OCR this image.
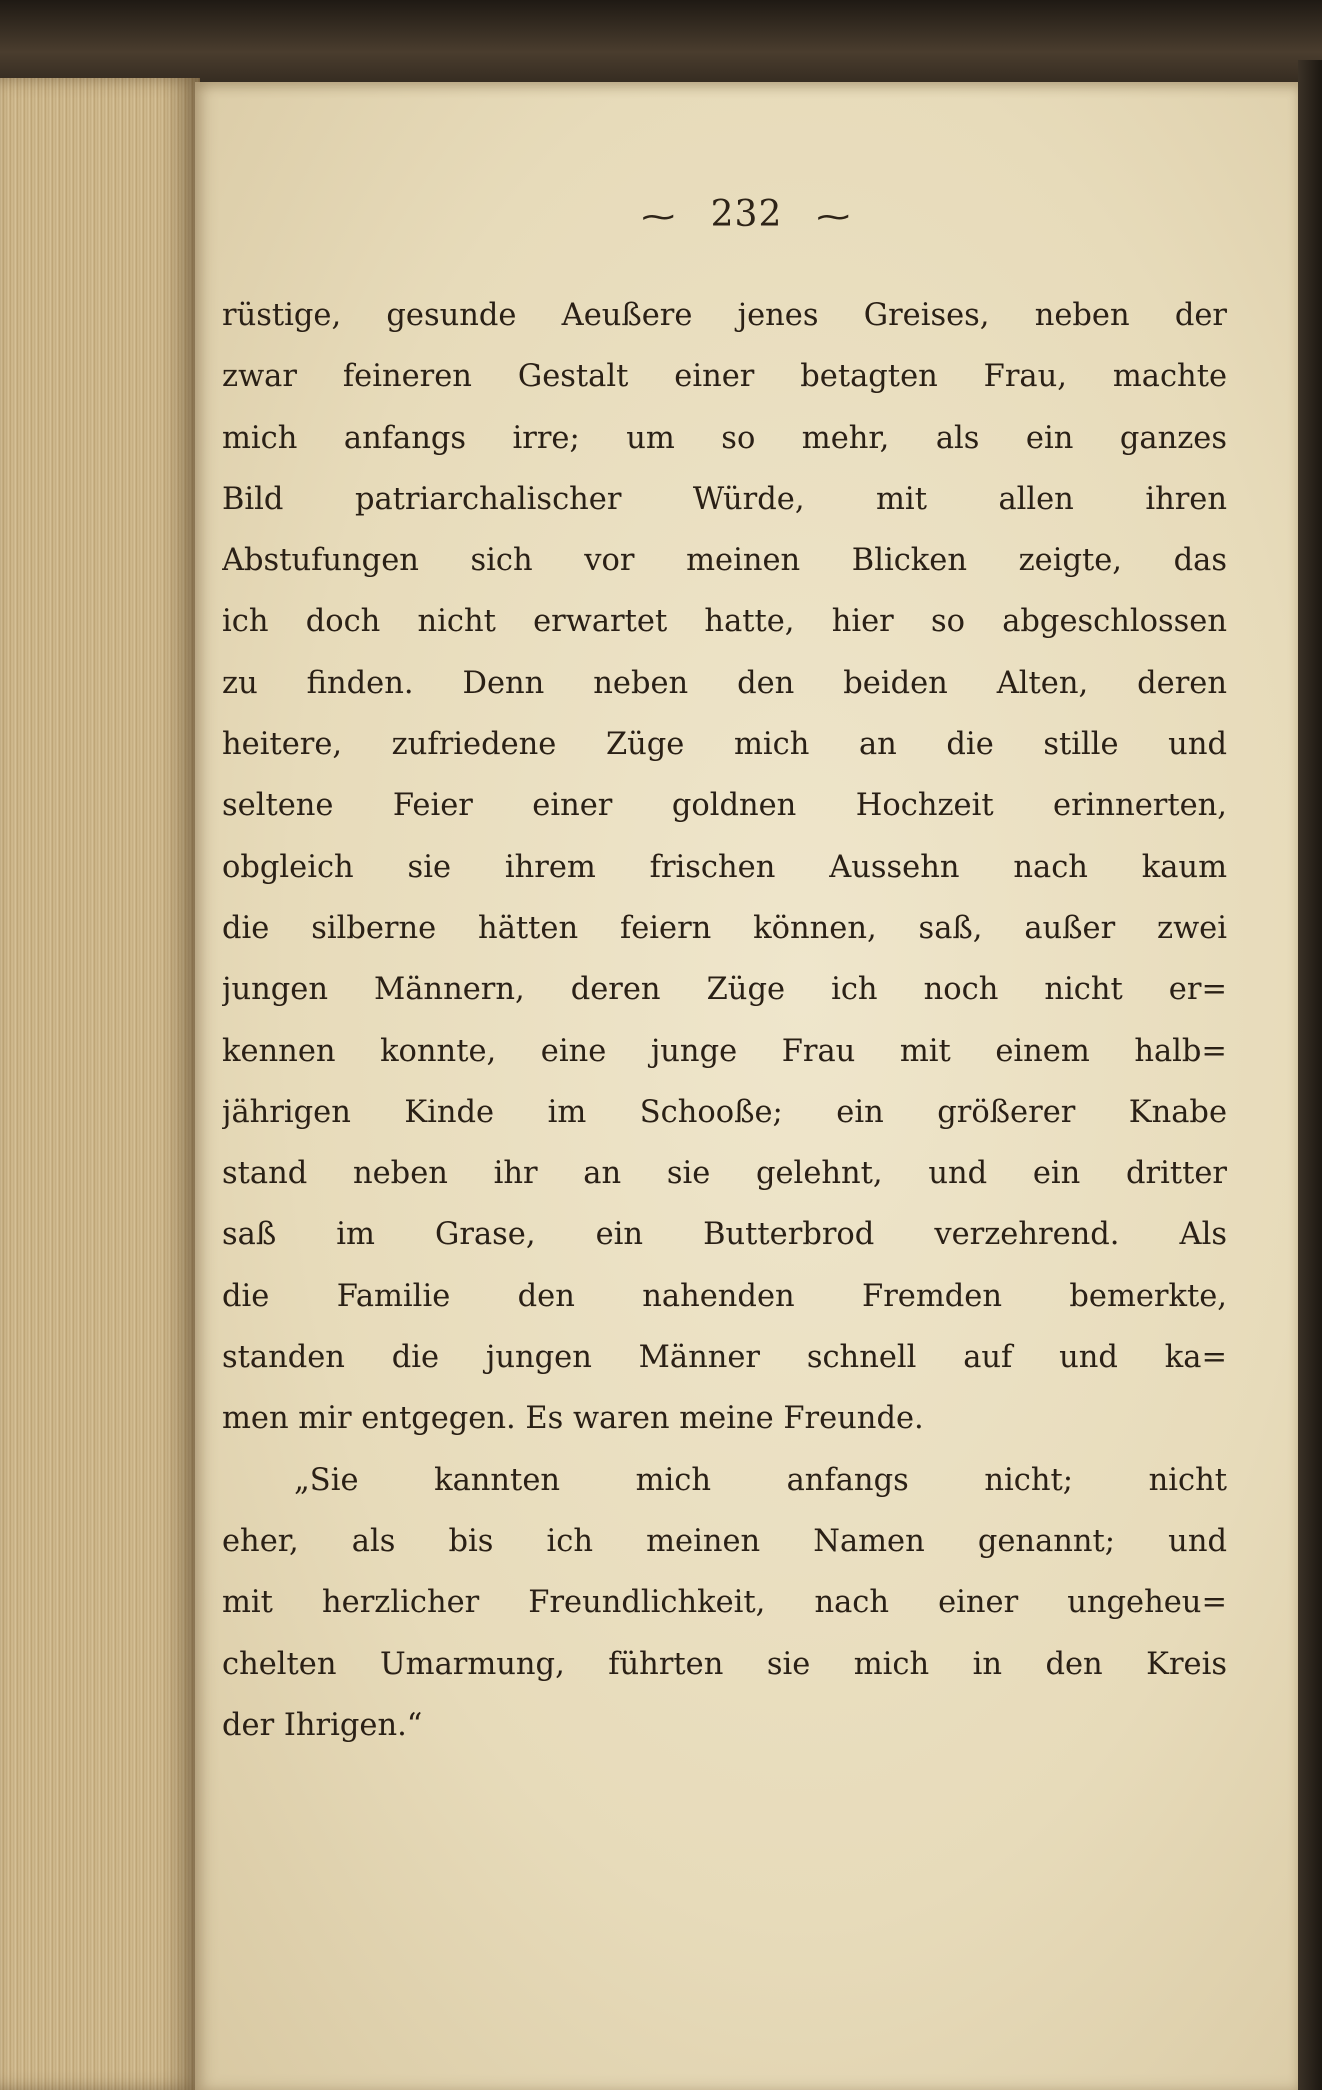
~ 232 ~
rüstige, gesunde Aeußere jenes Greises, neben der
zwar feineren Gestalt einer betagten Frau, machte
mich anfangs irre; um so mehr, als ein ganzes
Bild patriarchalischer Würde, mit allen ihren
Abstufungen sich vor meinen Blicken zeigte, das
ich doch nicht erwartet hatte, hier so abgeschlossen
zu finden. Denn neben den beiden Alten, deren
heitere, zufriedene Züge mich an die stille und
seltene Feier einer goldnen Hochzeit erinnerten,
obgleich sie ihrem frischen Aussehn nach kaum
die silberne hätten feiern können, saß, außer zwei
jungen Männern, deren Züge ich noch nicht er=
kennen konnte, eine junge Frau mit einem halb=
jährigen Kinde im Schooße; ein größerer Knabe
stand neben ihr an sie gelehnt, und ein dritter
saß im Grase, ein Butterbrod verzehrend. Als
die Familie den nahenden Fremden bemerkte,
standen die jungen Männer schnell auf und ka=
men mir entgegen. Es waren meine Freunde.
„Sie kannten mich anfangs nicht; nicht
eher, als bis ich meinen Namen genannt; und
mit herzlicher Freundlichkeit, nach einer ungeheu=
chelten Umarmung, führten sie mich in den Kreis
der Ihrigen.“
